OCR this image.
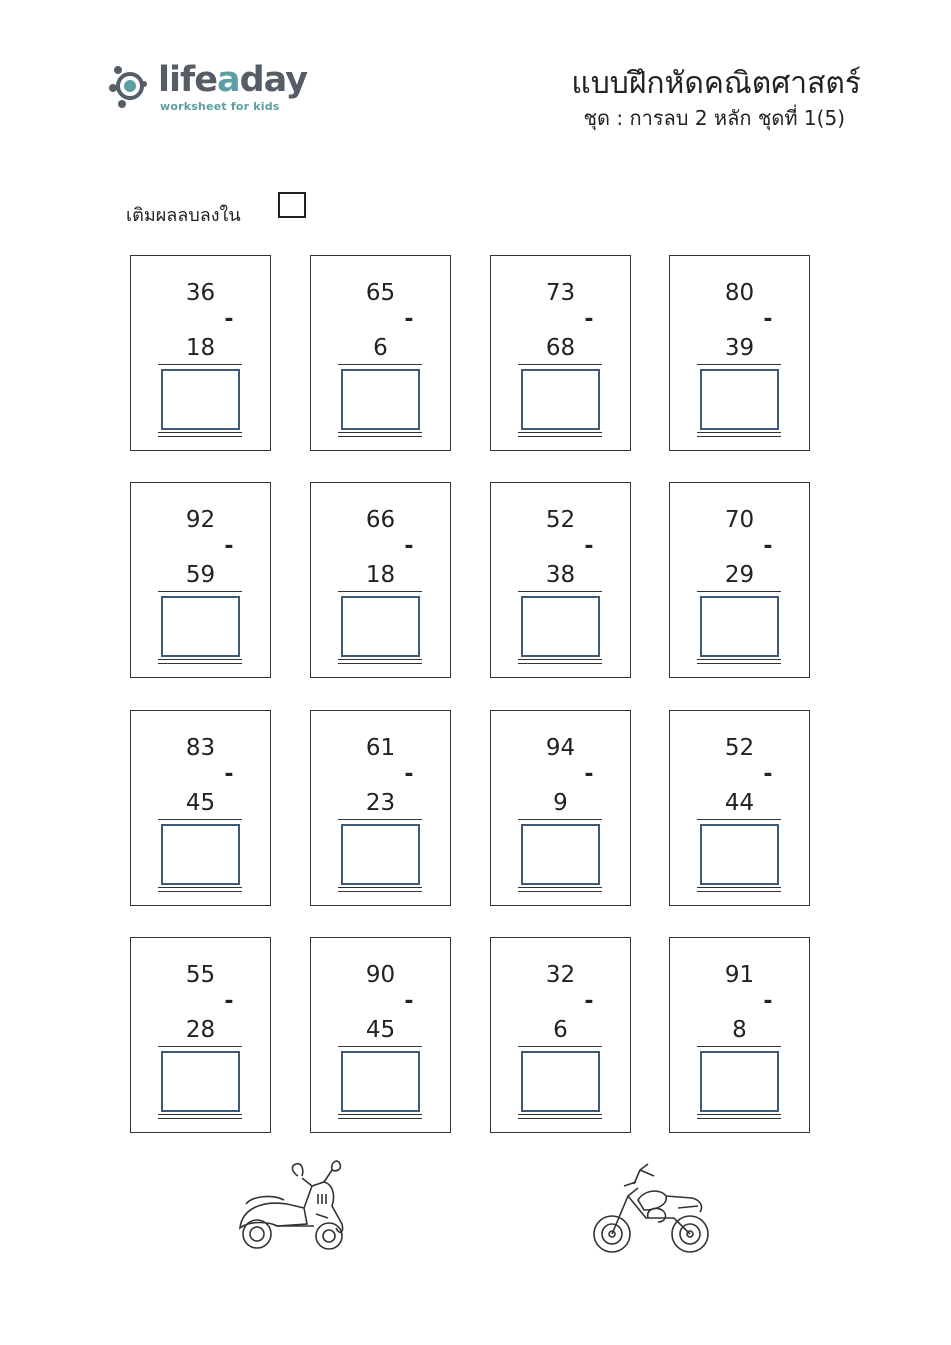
lifeaday
worksheet for kids
แบบฝึกหัดคณิตศาสตร์
ชุด : การลบ 2 หลัก ชุดที่ 1(5)
เติมผลลบลงใน
36
-
18
65
-
6
73
-
68
80
-
39
92
-
59
66
-
18
52
-
38
70
-
29
83
-
45
61
-
23
94
-
9
52
-
44
55
-
28
90
-
45
32
-
6
91
-
8
